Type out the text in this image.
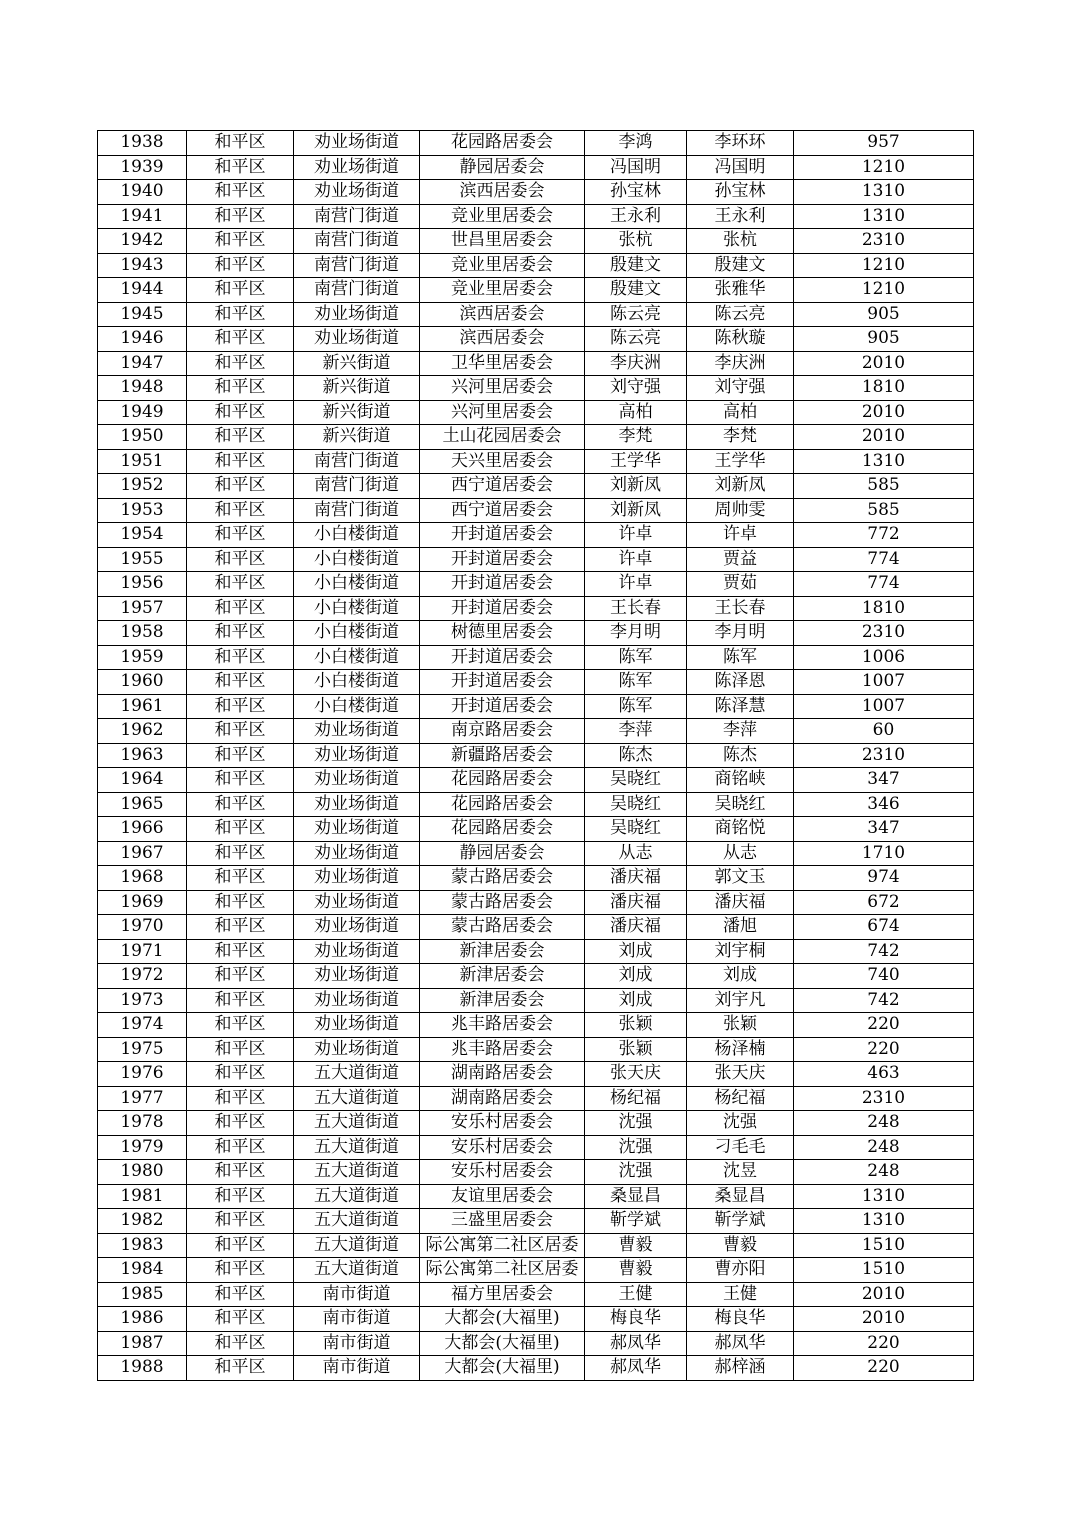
1938	和平区	劝业场街道	花园路居委会	李鸿	李环环	957
1939	和平区	劝业场街道	静园居委会	冯国明	冯国明	1210
1940	和平区	劝业场街道	滨西居委会	孙宝林	孙宝林	1310
1941	和平区	南营门街道	竞业里居委会	王永利	王永利	1310
1942	和平区	南营门街道	世昌里居委会	张杭	张杭	2310
1943	和平区	南营门街道	竞业里居委会	殷建文	殷建文	1210
1944	和平区	南营门街道	竞业里居委会	殷建文	张雅华	1210
1945	和平区	劝业场街道	滨西居委会	陈云亮	陈云亮	905
1946	和平区	劝业场街道	滨西居委会	陈云亮	陈秋璇	905
1947	和平区	新兴街道	卫华里居委会	李庆洲	李庆洲	2010
1948	和平区	新兴街道	兴河里居委会	刘守强	刘守强	1810
1949	和平区	新兴街道	兴河里居委会	高柏	高柏	2010
1950	和平区	新兴街道	土山花园居委会	李梵	李梵	2010
1951	和平区	南营门街道	天兴里居委会	王学华	王学华	1310
1952	和平区	南营门街道	西宁道居委会	刘新凤	刘新凤	585
1953	和平区	南营门街道	西宁道居委会	刘新凤	周帅雯	585
1954	和平区	小白楼街道	开封道居委会	许卓	许卓	772
1955	和平区	小白楼街道	开封道居委会	许卓	贾益	774
1956	和平区	小白楼街道	开封道居委会	许卓	贾茹	774
1957	和平区	小白楼街道	开封道居委会	王长春	王长春	1810
1958	和平区	小白楼街道	树德里居委会	李月明	李月明	2310
1959	和平区	小白楼街道	开封道居委会	陈军	陈军	1006
1960	和平区	小白楼街道	开封道居委会	陈军	陈泽恩	1007
1961	和平区	小白楼街道	开封道居委会	陈军	陈泽慧	1007
1962	和平区	劝业场街道	南京路居委会	李萍	李萍	60
1963	和平区	劝业场街道	新疆路居委会	陈杰	陈杰	2310
1964	和平区	劝业场街道	花园路居委会	吴晓红	商铭峡	347
1965	和平区	劝业场街道	花园路居委会	吴晓红	吴晓红	346
1966	和平区	劝业场街道	花园路居委会	吴晓红	商铭悦	347
1967	和平区	劝业场街道	静园居委会	从志	从志	1710
1968	和平区	劝业场街道	蒙古路居委会	潘庆福	郭文玉	974
1969	和平区	劝业场街道	蒙古路居委会	潘庆福	潘庆福	672
1970	和平区	劝业场街道	蒙古路居委会	潘庆福	潘旭	674
1971	和平区	劝业场街道	新津居委会	刘成	刘宇桐	742
1972	和平区	劝业场街道	新津居委会	刘成	刘成	740
1973	和平区	劝业场街道	新津居委会	刘成	刘宇凡	742
1974	和平区	劝业场街道	兆丰路居委会	张颖	张颖	220
1975	和平区	劝业场街道	兆丰路居委会	张颖	杨泽楠	220
1976	和平区	五大道街道	湖南路居委会	张天庆	张天庆	463
1977	和平区	五大道街道	湖南路居委会	杨纪福	杨纪福	2310
1978	和平区	五大道街道	安乐村居委会	沈强	沈强	248
1979	和平区	五大道街道	安乐村居委会	沈强	刁毛毛	248
1980	和平区	五大道街道	安乐村居委会	沈强	沈昱	248
1981	和平区	五大道街道	友谊里居委会	桑显昌	桑显昌	1310
1982	和平区	五大道街道	三盛里居委会	靳学斌	靳学斌	1310
1983	和平区	五大道街道	际公寓第二社区居委	曹毅	曹毅	1510
1984	和平区	五大道街道	际公寓第二社区居委	曹毅	曹亦阳	1510
1985	和平区	南市街道	福方里居委会	王健	王健	2010
1986	和平区	南市街道	大都会(大福里)	梅良华	梅良华	2010
1987	和平区	南市街道	大都会(大福里)	郝凤华	郝凤华	220
1988	和平区	南市街道	大都会(大福里)	郝凤华	郝梓涵	220
